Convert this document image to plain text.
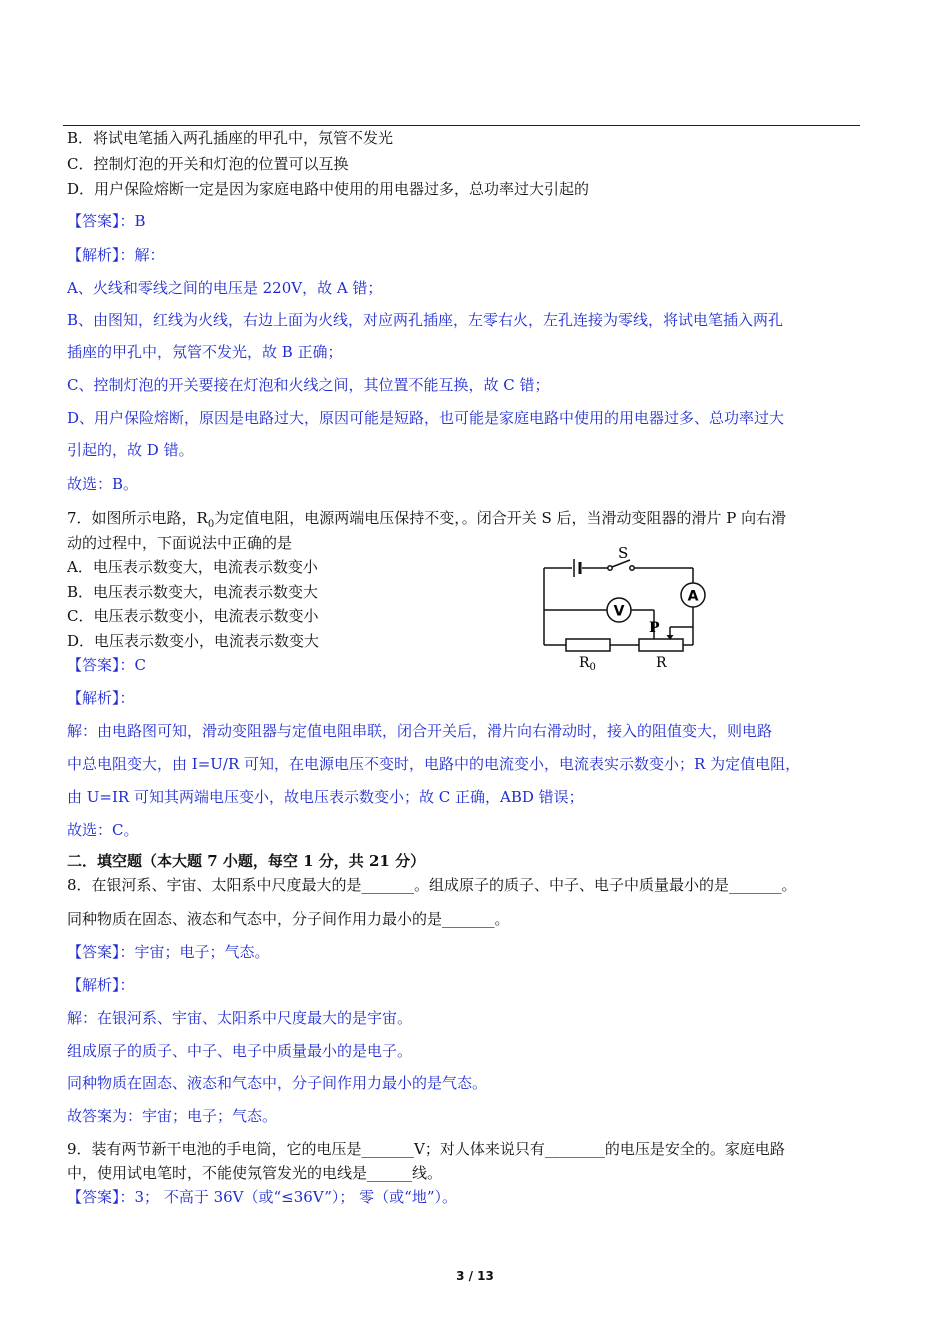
B．将试电笔插入两孔插座的甲孔中，氖管不发光
C．控制灯泡的开关和灯泡的位置可以互换
D．用户保险熔断一定是因为家庭电路中使用的用电器过多，总功率过大引起的
【答案】：B
【解析】：解：
A、火线和零线之间的电压是 220V，故 A 错；
B、由图知，红线为火线，右边上面为火线，对应两孔插座，左零右火，左孔连接为零线，将试电笔插入两孔
插座的甲孔中，氖管不发光，故 B 正确；
C、控制灯泡的开关要接在灯泡和火线之间，其位置不能互换，故 C 错；
D、用户保险熔断，原因是电路过大，原因可能是短路，也可能是家庭电路中使用的用电器过多、总功率过大
引起的，故 D 错。
故选：B。
7．如图所示电路，$R_0$为定值电阻，电源两端电压保持不变，。闭合开关 S 后，当滑动变阻器的滑片 P 向右滑
动的过程中，下面说法中正确的是
A．电压表示数变大，电流表示数变小
B．电压表示数变大，电流表示数变大
C．电压表示数变小，电流表示数变小
D．电压表示数变小，电流表示数变大
【答案】：C
【解析】：
解：由电路图可知，滑动变阻器与定值电阻串联，闭合开关后，滑片向右滑动时，接入的阻值变大，则电路
中总电阻变大，由 I=U/R 可知，在电源电压不变时，电路中的电流变小，电流表实示数变小；R 为定值电阻，
由 U=IR 可知其两端电压变小，故电压表示数变小；故 C 正确，ABD 错误；
故选：C。
S
A
V
$R_0$
P
R
二．填空题（本大题 7 小题，每空 1 分，共 21 分）
8．在银河系、宇宙、太阳系中尺度最大的是_______。组成原子的质子、中子、电子中质量最小的是_______。
同种物质在固态、液态和气态中，分子间作用力最小的是_______。
【答案】：宇宙；电子；气态。
【解析】：
解：在银河系、宇宙、太阳系中尺度最大的是宇宙。
组成原子的质子、中子、电子中质量最小的是电子。
同种物质在固态、液态和气态中，分子间作用力最小的是气态。
故答案为：宇宙；电子；气态。
9．装有两节新干电池的手电筒，它的电压是_______V；对人体来说只有________的电压是安全的。家庭电路
中，使用试电笔时，不能使氖管发光的电线是______线。
【答案】：3； 不高于 36V（或“≤36V”）； 零（或“地”）。
3 / 13
